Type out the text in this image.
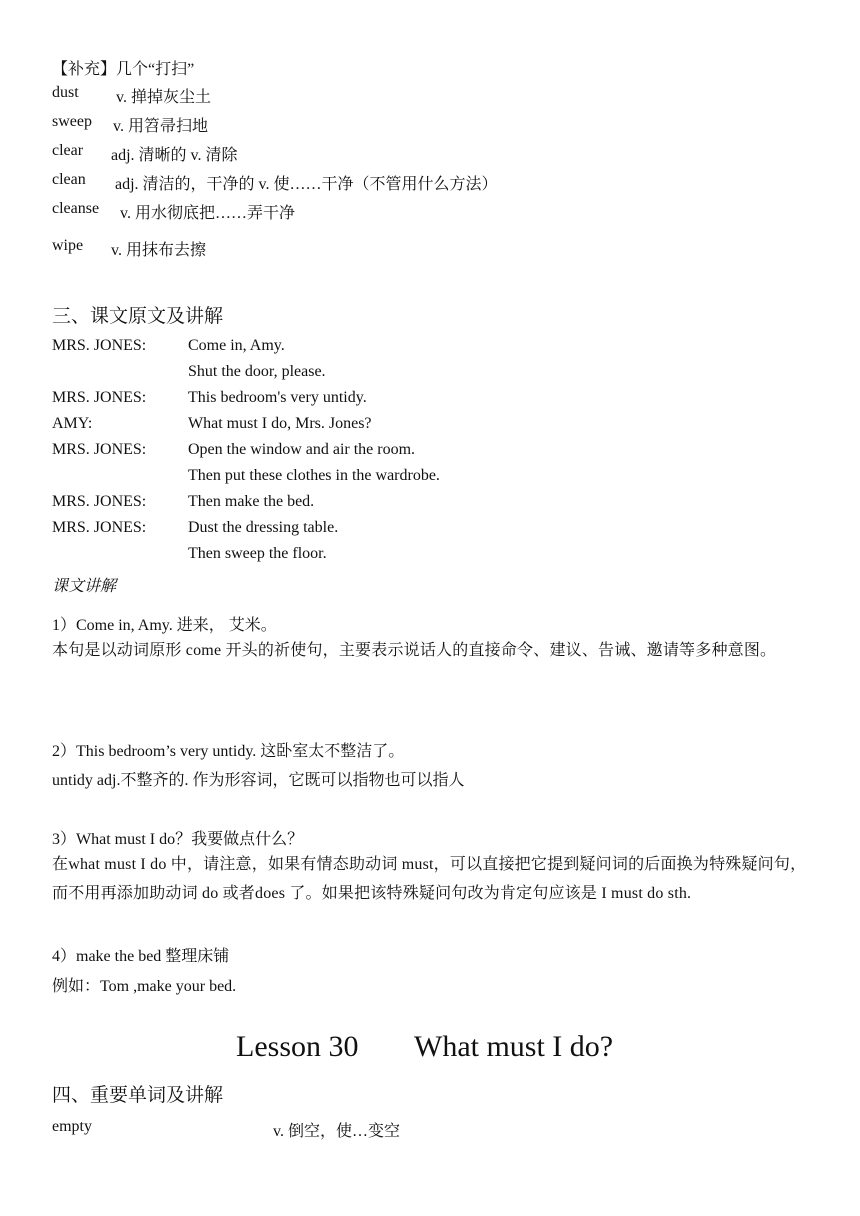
【补充】几个“打扫”
dust v. 掸掉灰尘土
sweep v. 用笤帚扫地
clear adj. 清晰的 v. 清除
clean adj. 清洁的，干净的 v. 使……干净（不管用什么方法）
cleanse v. 用水彻底把……弄干净
wipe v. 用抹布去擦
三、课文原文及讲解
MRS. JONES:	Come in, Amy.
Shut the door, please.
MRS. JONES:	This bedroom's very untidy.
AMY:	What must I do, Mrs. Jones?
MRS. JONES:	Open the window and air the room.
Then put these clothes in the wardrobe.
MRS. JONES:	Then make the bed.
MRS. JONES:	Dust the dressing table.
Then sweep the floor.
课文讲解
1）Come in, Amy. 进来， 艾米。
本句是以动词原形 come 开头的祈使句，主要表示说话人的直接命令、建议、告诫、邀请等多种意图。
2）This bedroom’s very untidy. 这卧室太不整洁了。
untidy adj.不整齐的. 作为形容词，它既可以指物也可以指人
3）What must I do？我要做点什么？
在what must I do 中，请注意，如果有情态助动词 must，可以直接把它提到疑问词的后面换为特殊疑问句，而不用再添加助动词 do 或者does 了。如果把该特殊疑问句改为肯定句应该是 I must do sth.
4）make the bed 整理床铺
例如：Tom ,make your bed.
Lesson 30 What must I do?
四、重要单词及讲解
empty	v. 倒空，使…变空
